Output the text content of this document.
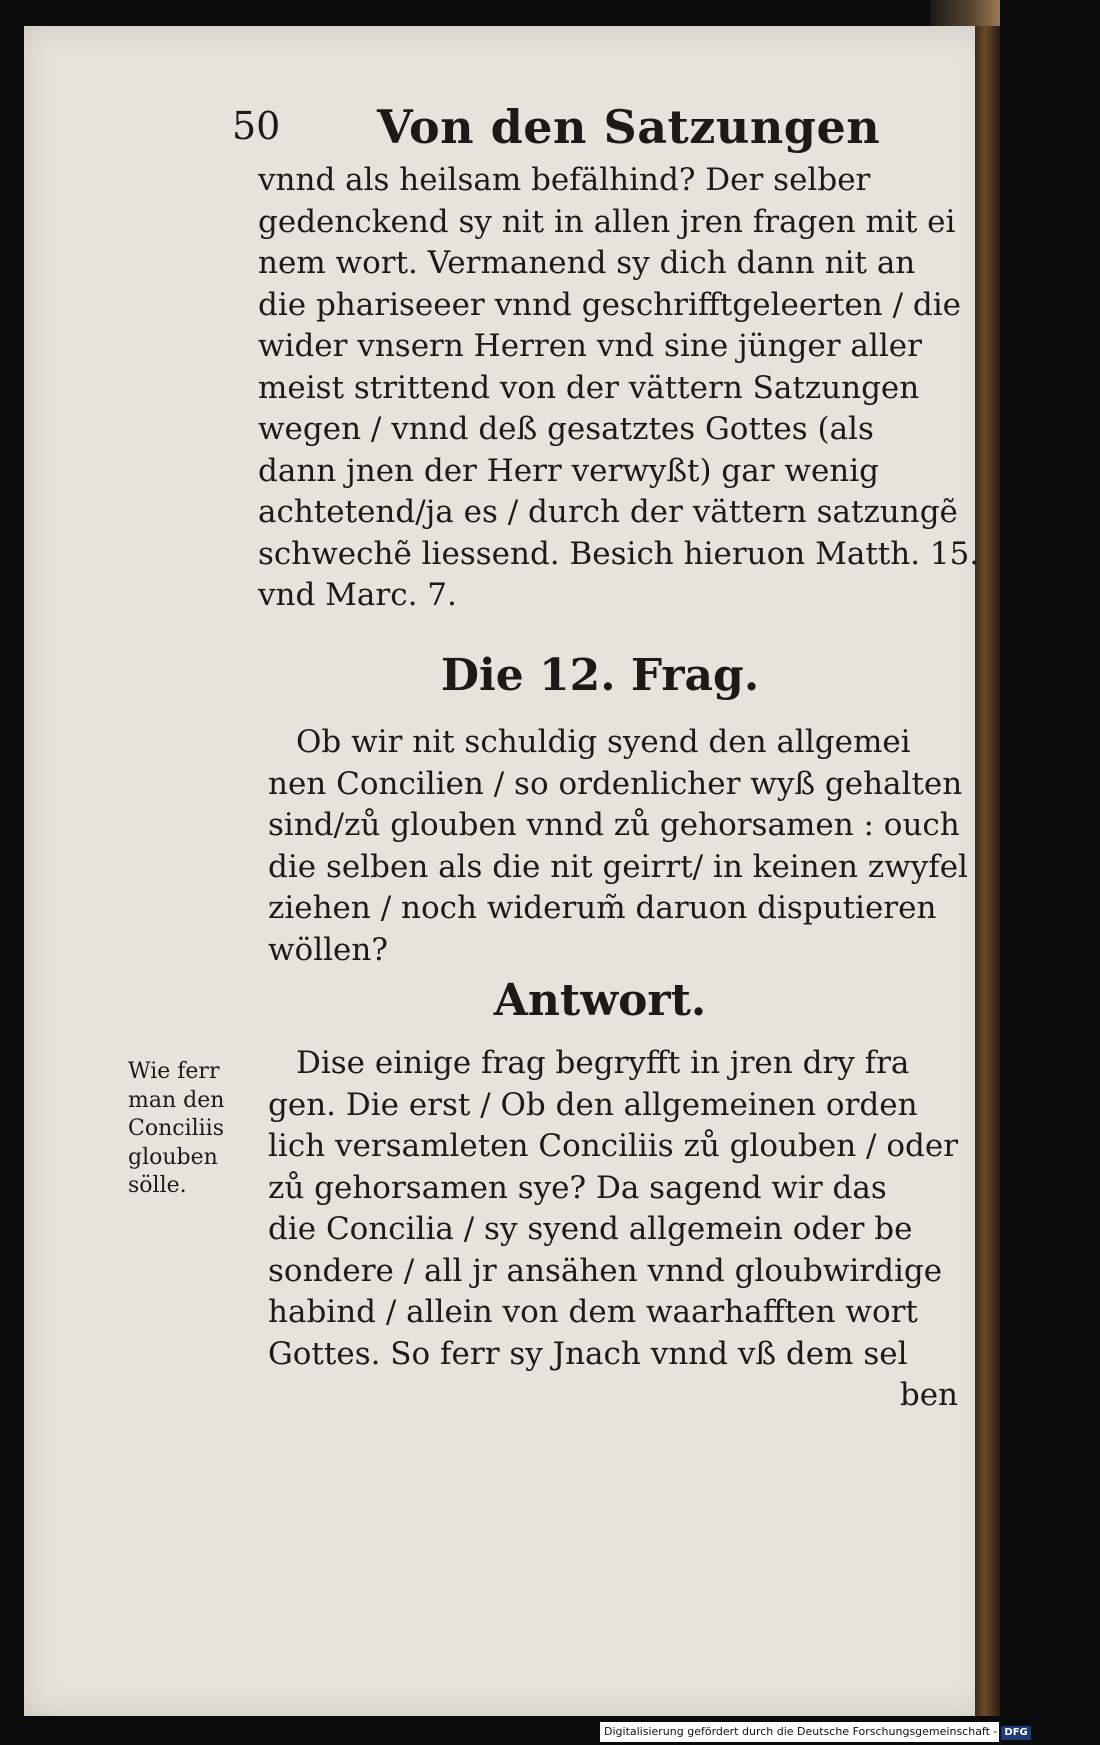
50 Von den Satzungen
vnnd als heilsam befälhind? Der selber
gedenckend sy nit in allen jren fragen mit ei
nem wort. Vermanend sy dich dann nit an
die phariseeer vnnd geschrifftgeleerten / die
wider vnsern Herren vnd sine jünger aller
meist strittend von der vättern Satzungen
wegen / vnnd deß gesatztes Gottes (als
dann jnen der Herr verwyßt) gar wenig
achtetend/ja es / durch der vättern satzungẽ
schwechẽ liessend. Besich hieruon Matth. 15.
vnd Marc. 7.
Die 12. Frag.
Ob wir nit schuldig syend den allgemei
nen Concilien / so ordenlicher wyß gehalten
sind/zů glouben vnnd zů gehorsamen : ouch
die selben als die nit geirrt/ in keinen zwyfel
ziehen / noch widerum̃ daruon disputieren
wöllen?
Antwort.
Dise einige frag begryfft in jren dry fra
gen. Die erst / Ob den allgemeinen orden
lich versamleten Conciliis zů glouben / oder
zů gehorsamen sye? Da sagend wir das
die Concilia / sy syend allgemein oder be
sondere / all jr ansähen vnnd gloubwirdige
habind / allein von dem waarhafften wort
Gottes. So ferr sy Jnach vnnd vß dem sel
ben
Wie ferr
man den
Conciliis
glouben
sölle.
Digitalisierung gefördert durch die Deutsche Forschungsgemeinschaft - DFG
